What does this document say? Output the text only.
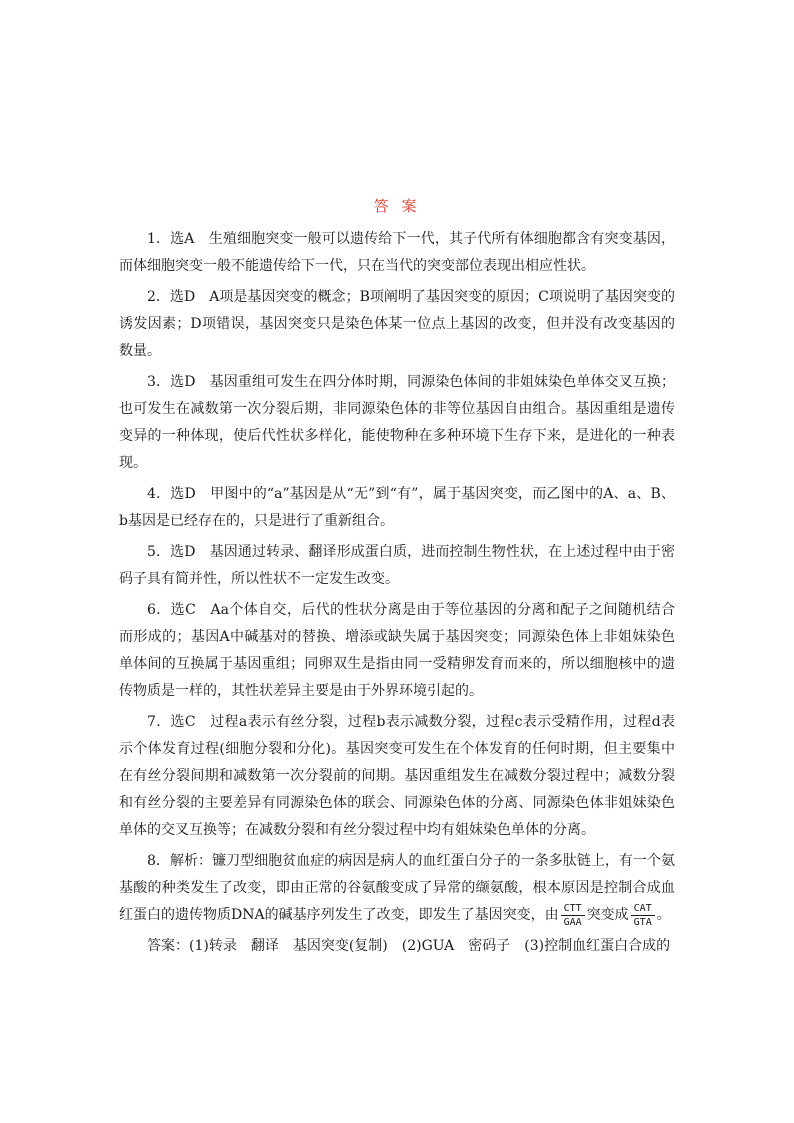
答 案

1．选A　生殖细胞突变一般可以遗传给下一代，其子代所有体细胞都含有突变基因，而体细胞突变一般不能遗传给下一代，只在当代的突变部位表现出相应性状。

2．选D　A项是基因突变的概念；B项阐明了基因突变的原因；C项说明了基因突变的诱发因素；D项错误，基因突变只是染色体某一位点上基因的改变，但并没有改变基因的数量。

3．选D　基因重组可发生在四分体时期，同源染色体间的非姐妹染色单体交叉互换；也可发生在减数第一次分裂后期，非同源染色体的非等位基因自由组合。基因重组是遗传变异的一种体现，使后代性状多样化，能使物种在多种环境下生存下来，是进化的一种表现。

4．选D　甲图中的“a”基因是从“无”到“有”，属于基因突变，而乙图中的A、a、B、b基因是已经存在的，只是进行了重新组合。

5．选D　基因通过转录、翻译形成蛋白质，进而控制生物性状，在上述过程中由于密码子具有简并性，所以性状不一定发生改变。

6．选C　Aa个体自交，后代的性状分离是由于等位基因的分离和配子之间随机结合而形成的；基因A中碱基对的替换、增添或缺失属于基因突变；同源染色体上非姐妹染色单体间的互换属于基因重组；同卵双生是指由同一受精卵发育而来的，所以细胞核中的遗传物质是一样的，其性状差异主要是由于外界环境引起的。

7．选C　过程a表示有丝分裂，过程b表示减数分裂，过程c表示受精作用，过程d表示个体发育过程(细胞分裂和分化)。基因突变可发生在个体发育的任何时期，但主要集中在有丝分裂间期和减数第一次分裂前的间期。基因重组发生在减数分裂过程中；减数分裂和有丝分裂的主要差异有同源染色体的联会、同源染色体的分离、同源染色体非姐妹染色单体的交叉互换等；在减数分裂和有丝分裂过程中均有姐妹染色单体的分离。

8．解析：镰刀型细胞贫血症的病因是病人的血红蛋白分子的一条多肽链上，有一个氨基酸的种类发生了改变，即由正常的谷氨酸变成了异常的缬氨酸，根本原因是控制合成血红蛋白的遗传物质DNA的碱基序列发生了改变，即发生了基因突变，由 $\frac{\text{CTT}}{\text{GAA}}$ 突变成 $\frac{\text{CAT}}{\text{GTA}}$ 。

答案：(1)转录　翻译　基因突变(复制)　(2)GUA　密码子　(3)控制血红蛋白合成的
